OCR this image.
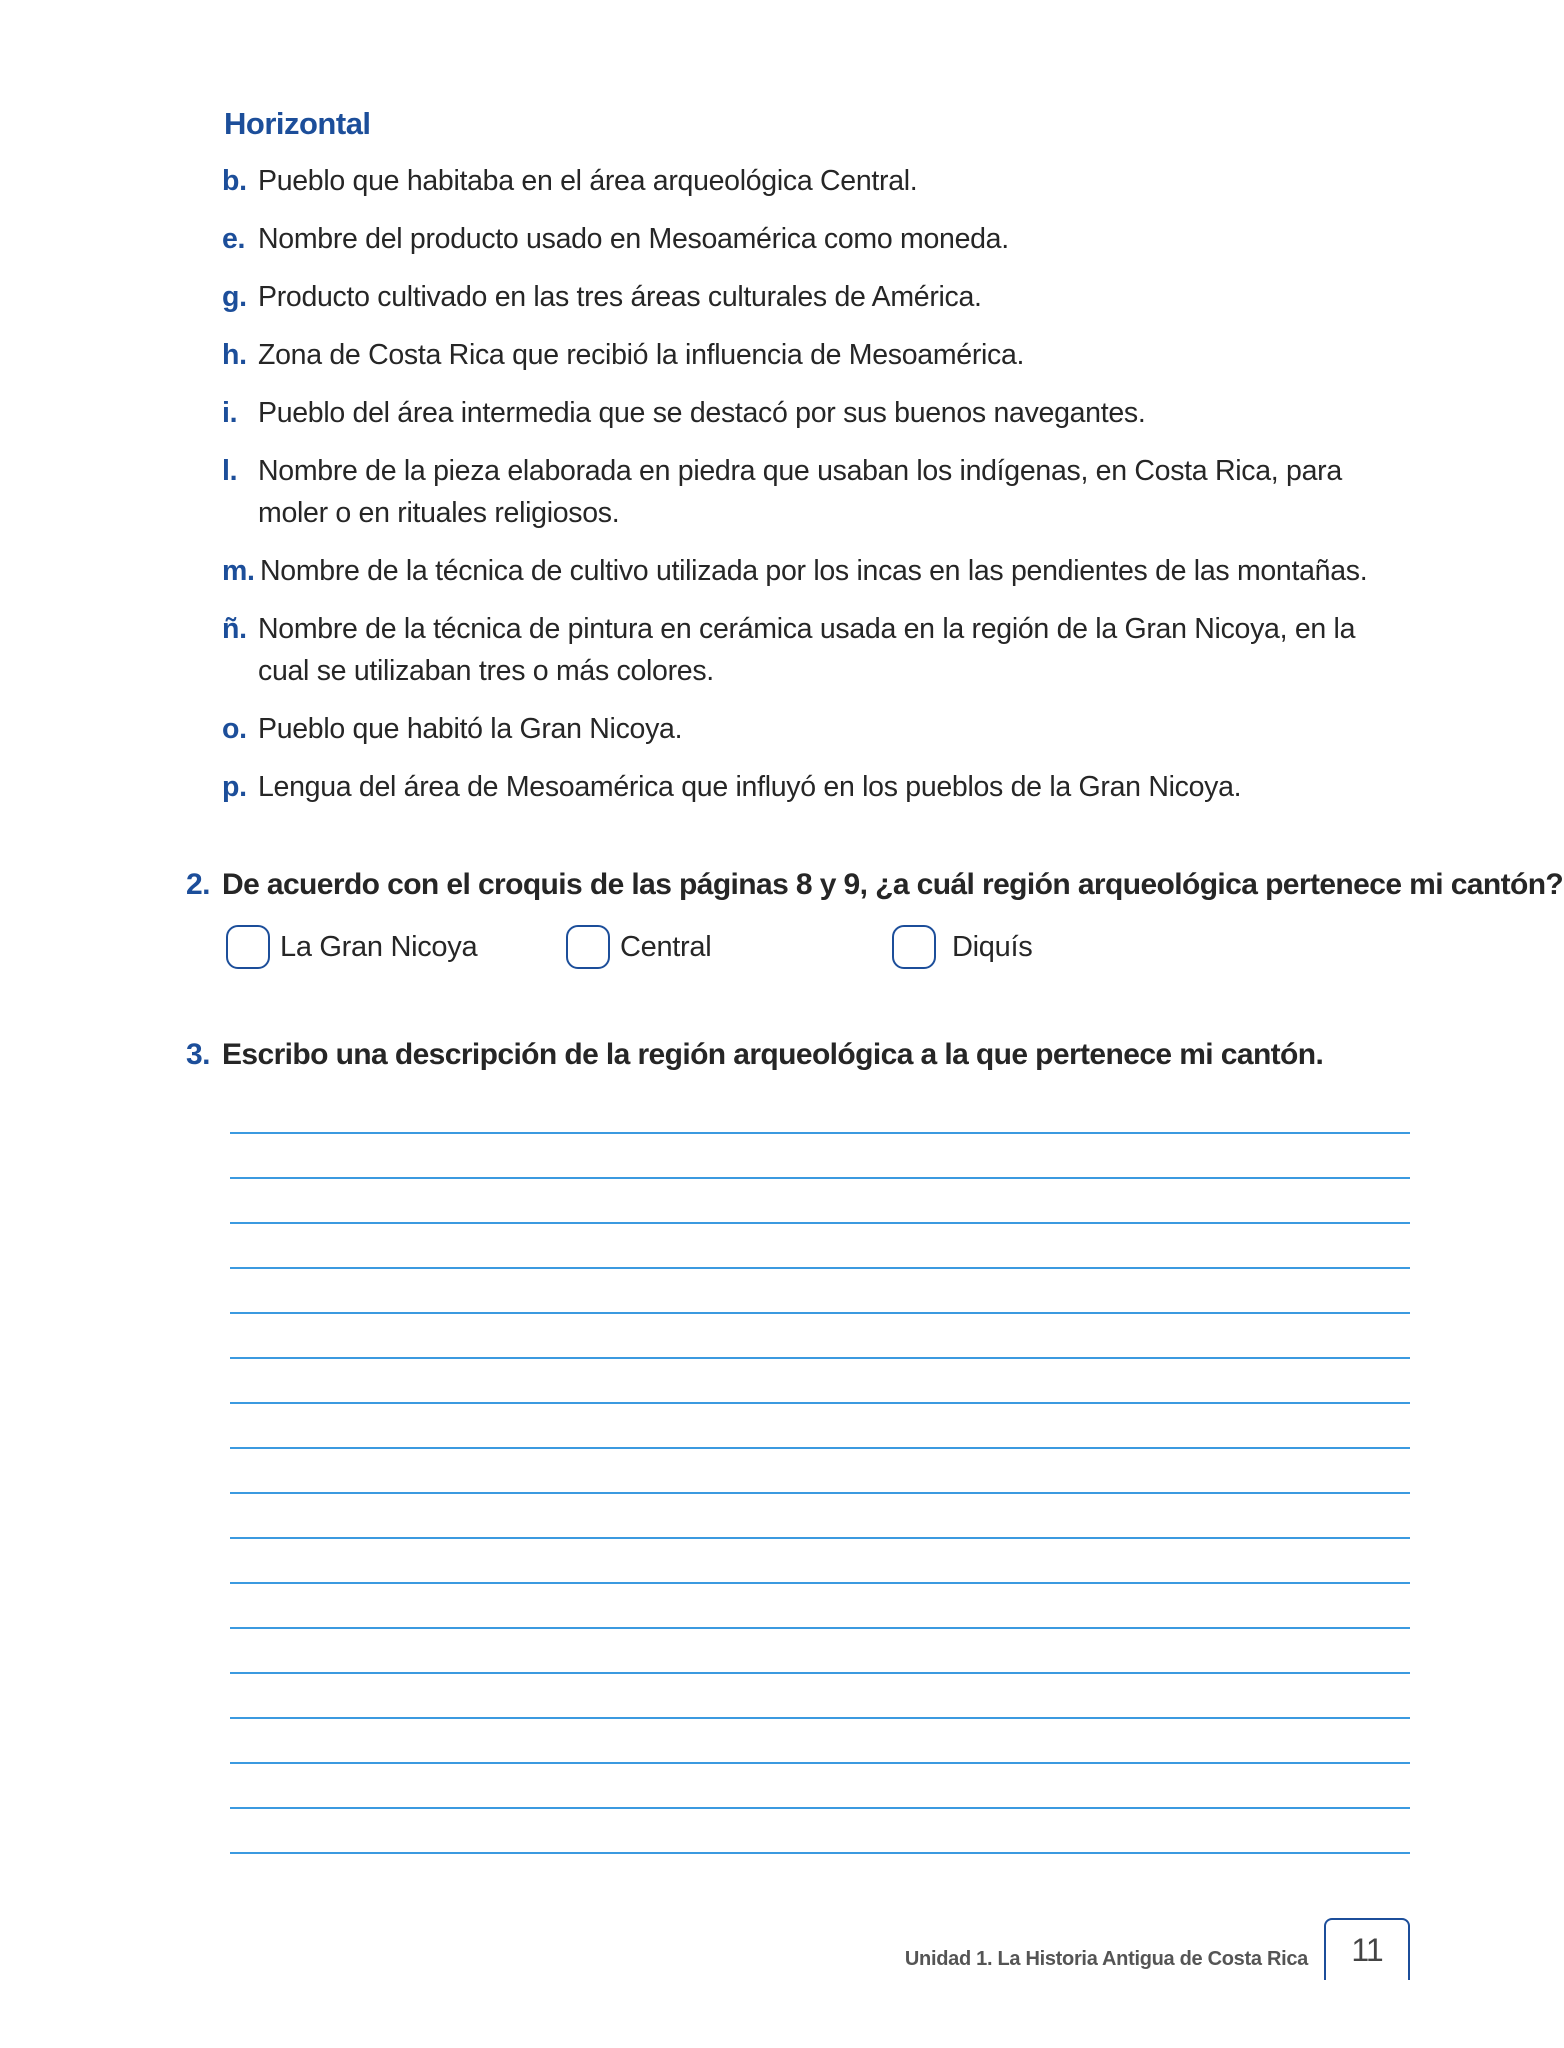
Horizontal
b. Pueblo que habitaba en el área arqueológica Central.
e. Nombre del producto usado en Mesoamérica como moneda.
g. Producto cultivado en las tres áreas culturales de América.
h. Zona de Costa Rica que recibió la influencia de Mesoamérica.
i. Pueblo del área intermedia que se destacó por sus buenos navegantes.
l. Nombre de la pieza elaborada en piedra que usaban los indígenas, en Costa Rica, para moler o en rituales religiosos.
m. Nombre de la técnica de cultivo utilizada por los incas en las pendientes de las montañas.
ñ. Nombre de la técnica de pintura en cerámica usada en la región de la Gran Nicoya, en la cual se utilizaban tres o más colores.
o. Pueblo que habitó la Gran Nicoya.
p. Lengua del área de Mesoamérica que influyó en los pueblos de la Gran Nicoya.

2. De acuerdo con el croquis de las páginas 8 y 9, ¿a cuál región arqueológica pertenece mi cantón?

La Gran Nicoya	Central	Diquís

3. Escribo una descripción de la región arqueológica a la que pertenece mi cantón.

Unidad 1. La Historia Antigua de Costa Rica 11
